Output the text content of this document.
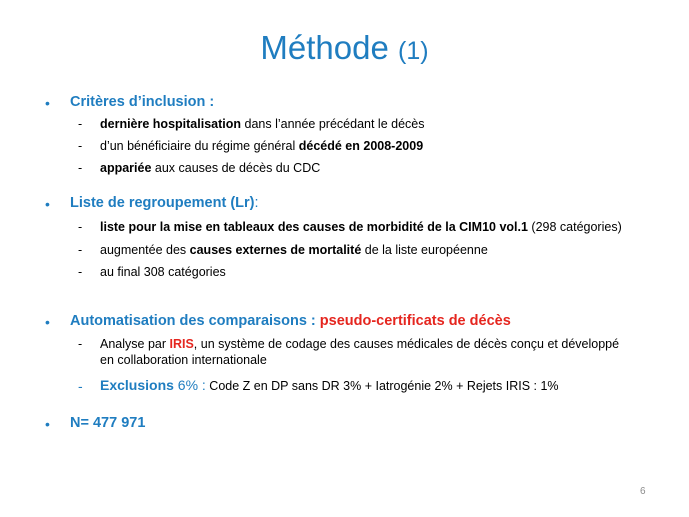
Méthode (1)
• Critères d’inclusion :
- dernière hospitalisation dans l’année précédant le décès
- d’un bénéficiaire du régime général décédé en 2008-2009
- appariée aux causes de décès du CDC
• Liste de regroupement (Lr):
- liste pour la mise en tableaux des causes de morbidité de la CIM10 vol.1 (298 catégories)
- augmentée des causes externes de mortalité de la liste européenne
- au final 308 catégories
• Automatisation des comparaisons : pseudo-certificats de décès
- Analyse par IRIS, un système de codage des causes médicales de décès conçu et développé
en collaboration internationale
- Exclusions 6% : Code Z en DP sans DR 3% + Iatrogénie 2% + Rejets IRIS : 1%
• N= 477 971
6
